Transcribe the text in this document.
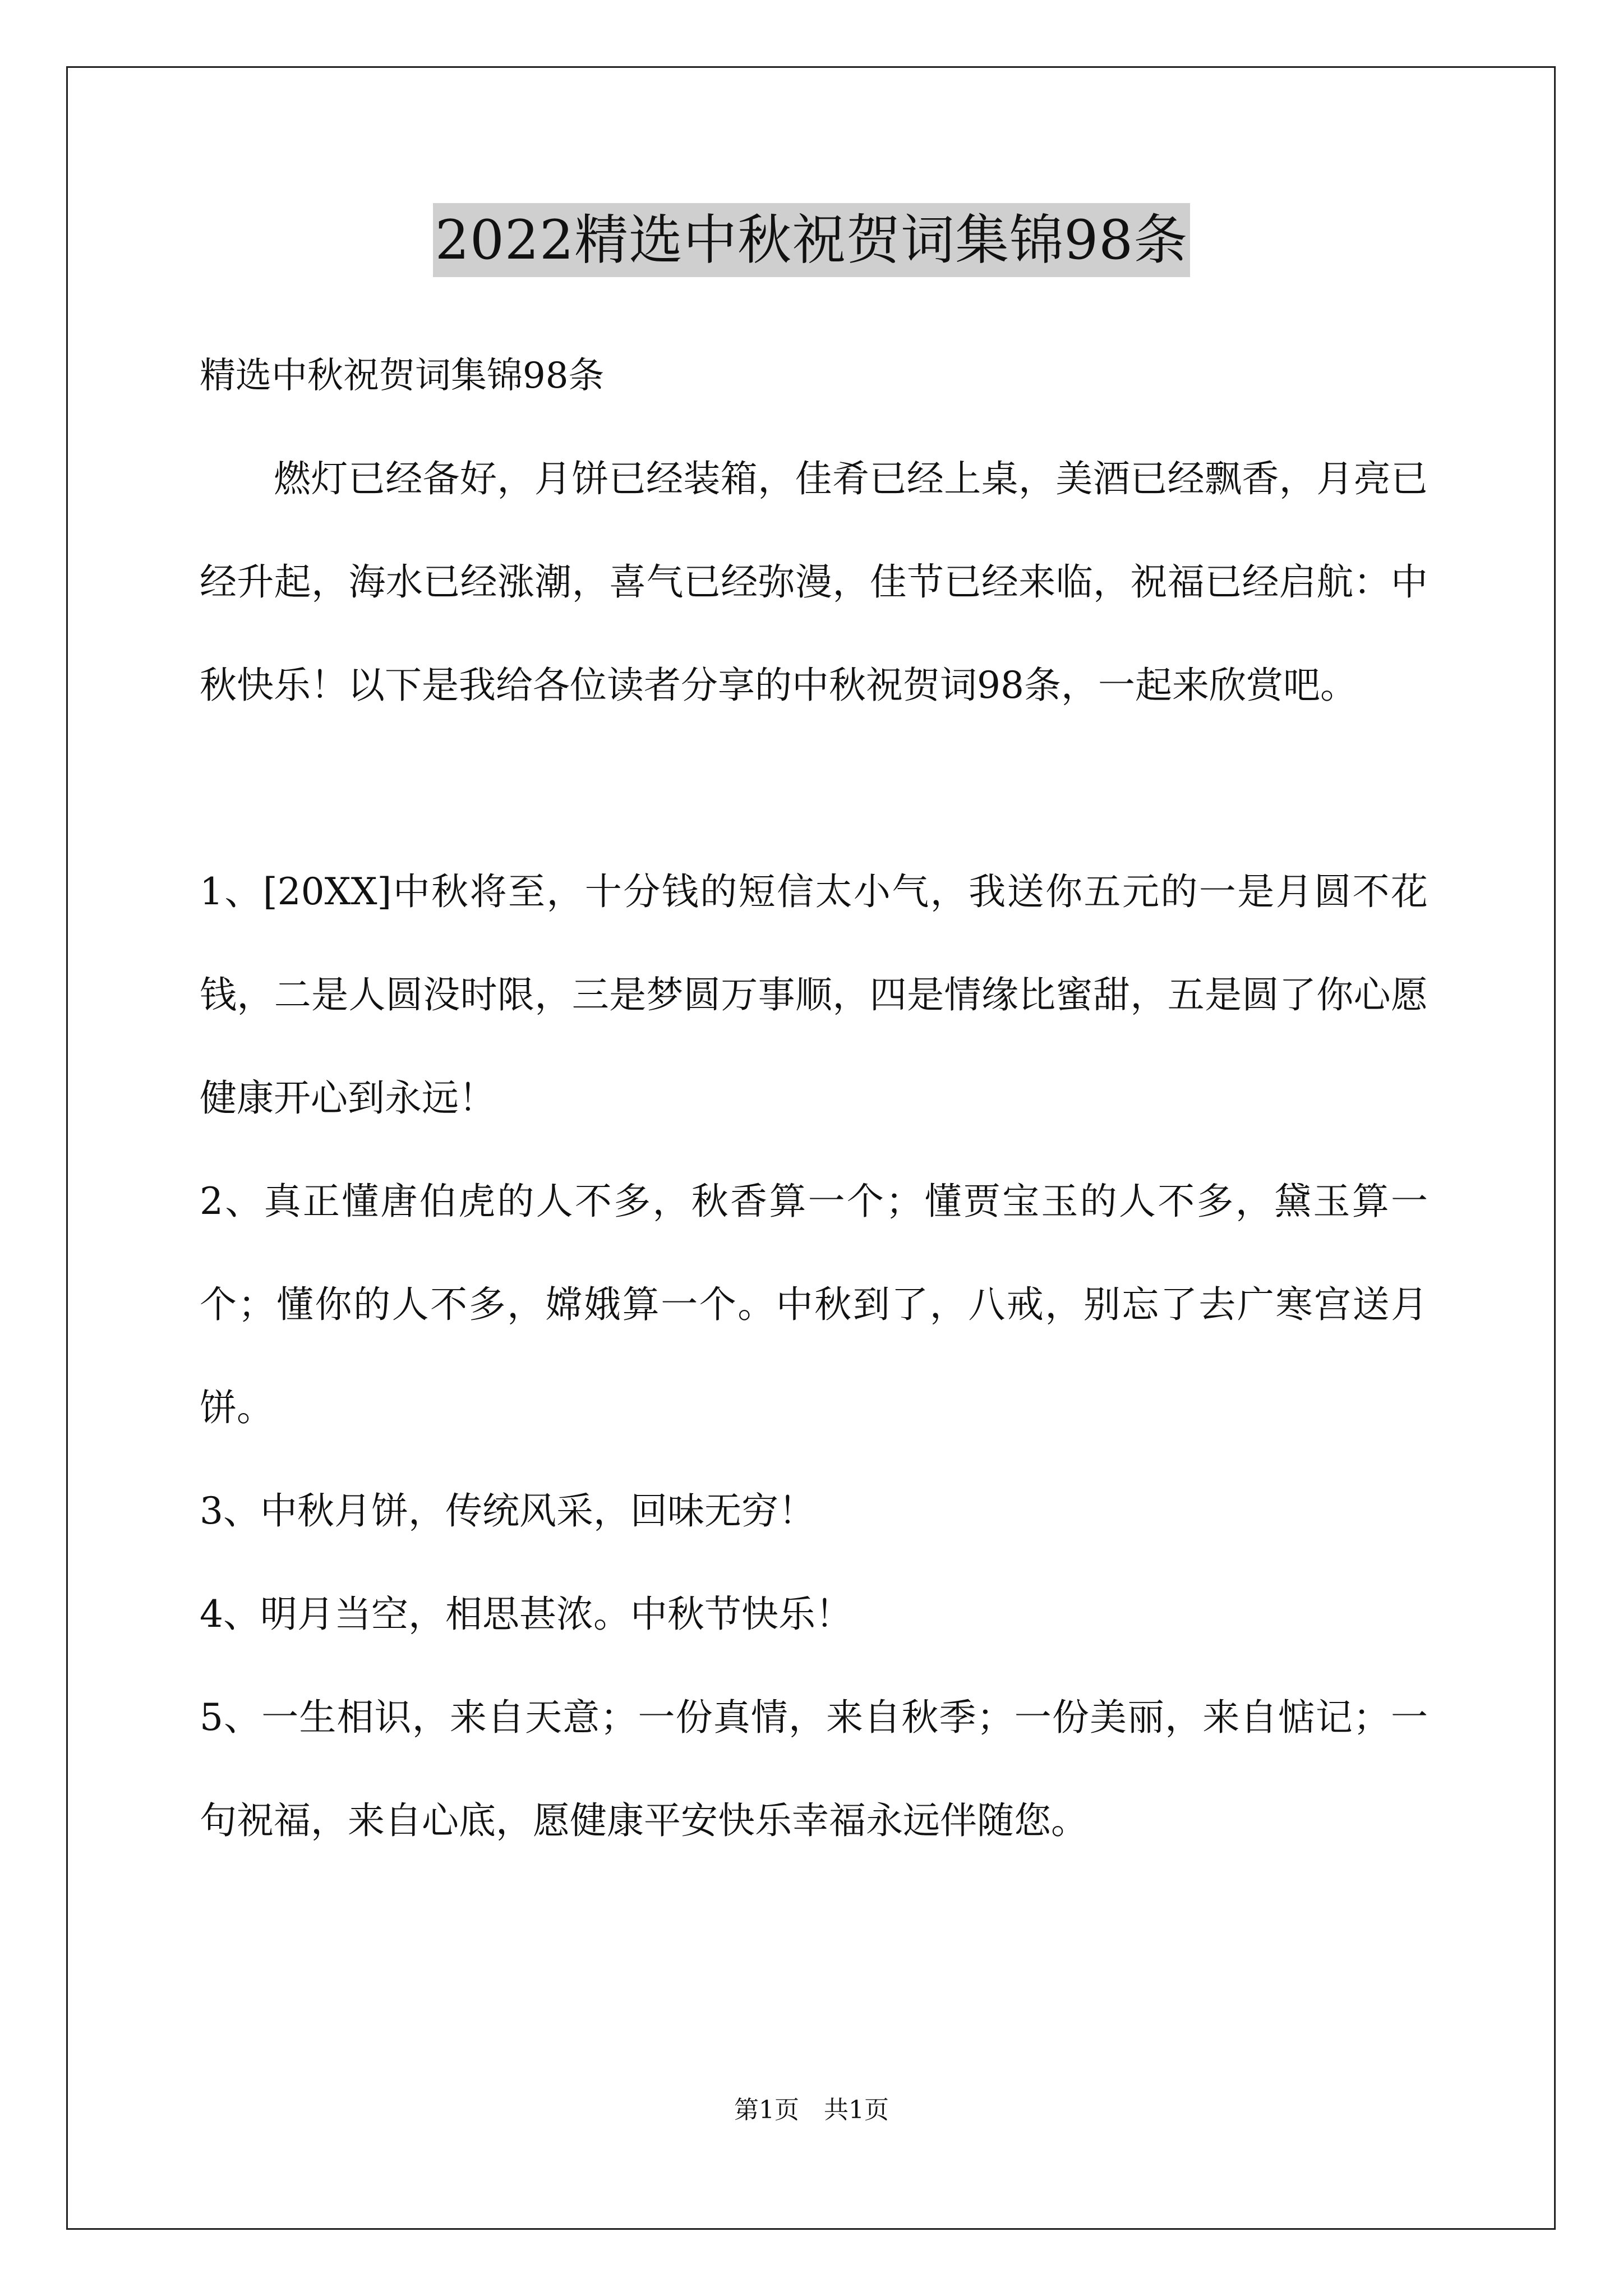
2022精选中秋祝贺词集锦98条

精选中秋祝贺词集锦98条

燃灯已经备好，月饼已经装箱，佳肴已经上桌，美酒已经飘香，月亮已经升起，海水已经涨潮，喜气已经弥漫，佳节已经来临，祝福已经启航：中秋快乐！以下是我给各位读者分享的中秋祝贺词98条，一起来欣赏吧。

1、[20XX]中秋将至，十分钱的短信太小气，我送你五元的一是月圆不花钱，二是人圆没时限，三是梦圆万事顺，四是情缘比蜜甜，五是圆了你心愿健康开心到永远！

2、真正懂唐伯虎的人不多，秋香算一个；懂贾宝玉的人不多，黛玉算一个；懂你的人不多，嫦娥算一个。中秋到了，八戒，别忘了去广寒宫送月饼。

3、中秋月饼，传统风采，回味无穷！

4、明月当空，相思甚浓。中秋节快乐！

5、一生相识，来自天意；一份真情，来自秋季；一份美丽，来自惦记；一句祝福，来自心底，愿健康平安快乐幸福永远伴随您。

第1页 共1页
